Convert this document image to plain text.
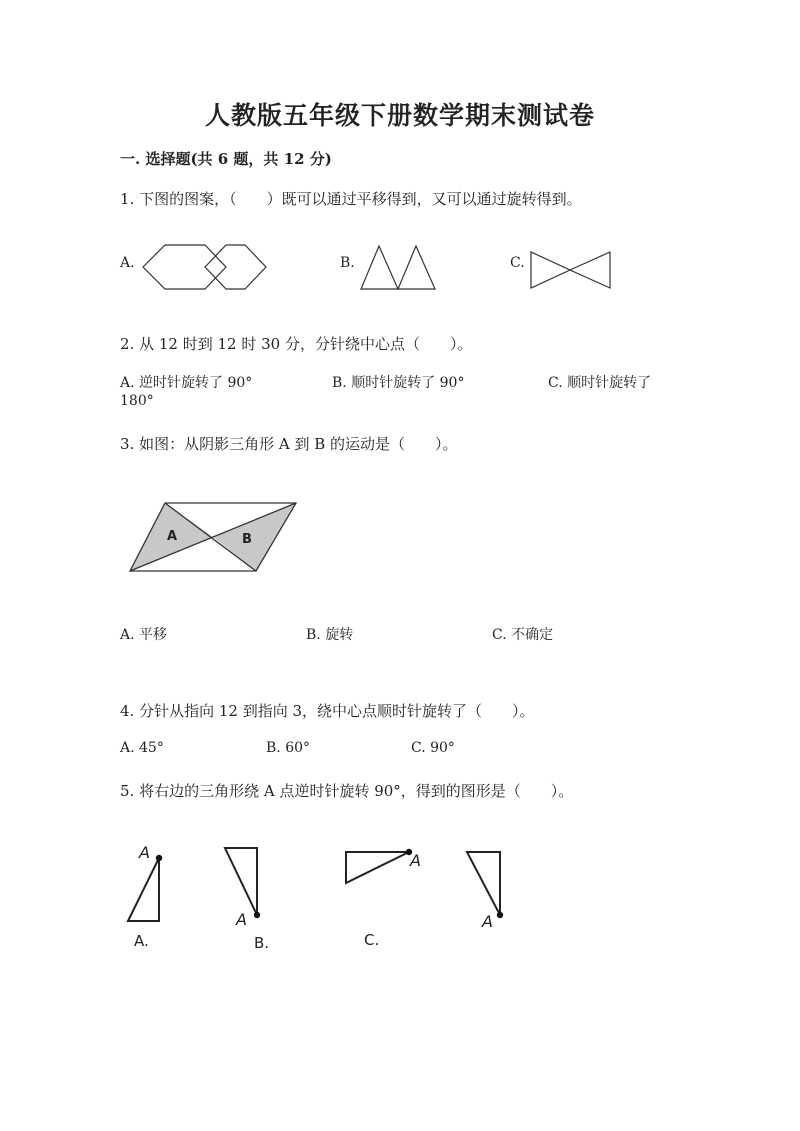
人教版五年级下册数学期末测试卷
一. 选择题(共 6 题，共 12 分)
1. 下图的图案，（　　）既可以通过平移得到，又可以通过旋转得到。
A.	B.	C.
2. 从 12 时到 12 时 30 分，分针绕中心点（　　）。
A. 逆时针旋转了 90°	B. 顺时针旋转了 90°	C. 顺时针旋转了
180°
3. 如图：从阴影三角形 A 到 B 的运动是（　　）。
A	B
A. 平移	B. 旋转	C. 不确定
4. 分针从指向 12 到指向 3，绕中心点顺时针旋转了（　　）。
A. 45°	B. 60°	C. 90°
5. 将右边的三角形绕 A 点逆时针旋转 90°，得到的图形是（　　）。
A
A
A
A
A.	B.	C.
